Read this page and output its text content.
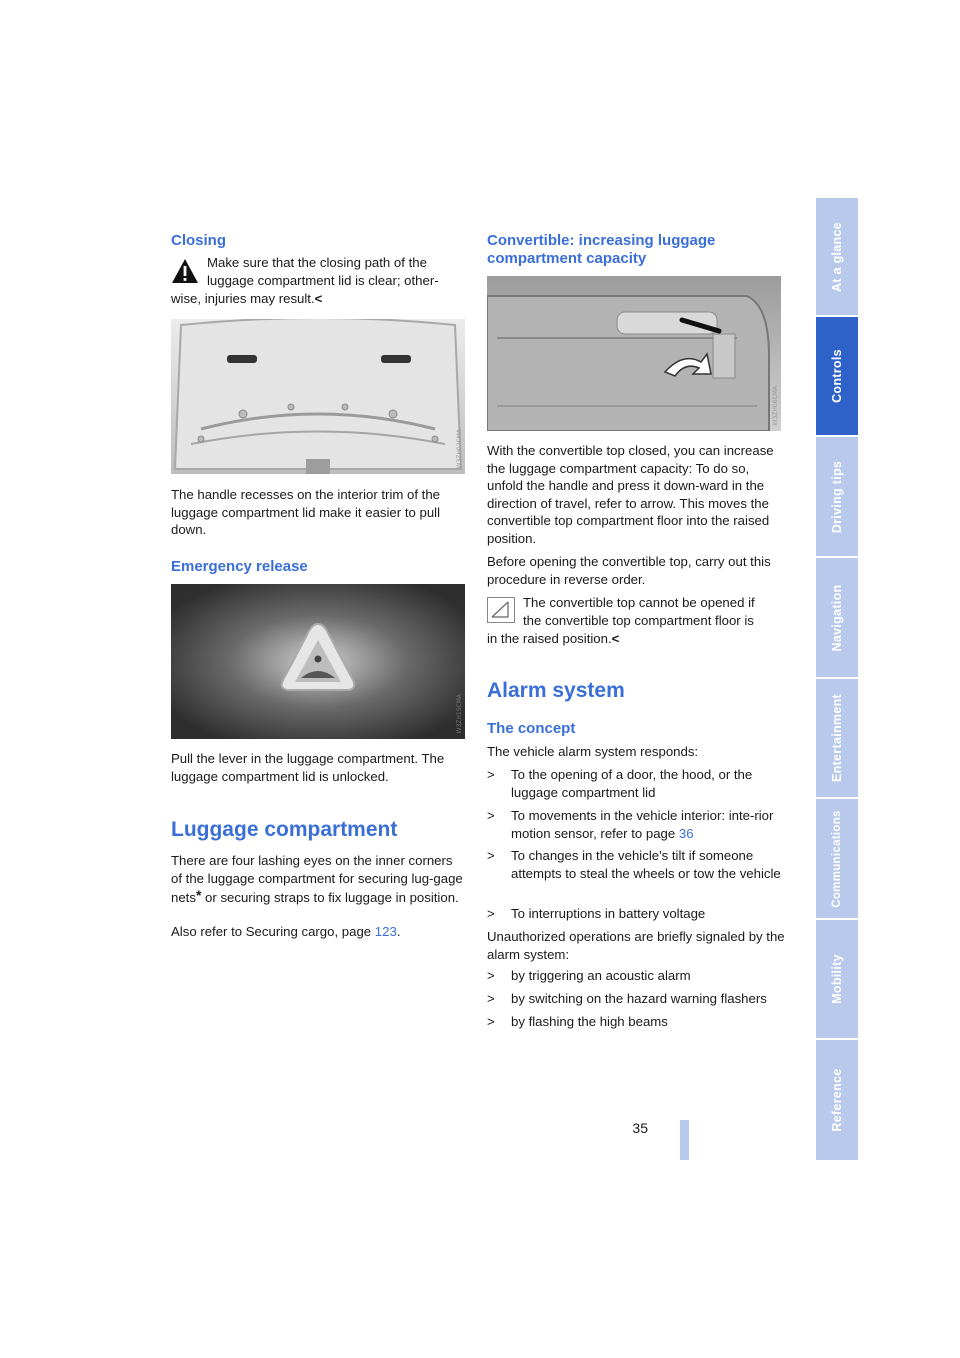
Closing
Make sure that the closing path of the
luggage compartment lid is clear; other-
wise, injuries may result.<
W3ZH02CMA
The handle recesses on the interior trim of the luggage compartment lid make it easier to pull down.
Emergency release
W3ZH1SCMA
Pull the lever in the luggage compartment. The luggage compartment lid is unlocked.
Luggage compartment
There are four lashing eyes on the inner corners of the luggage compartment for securing lug-gage nets* or securing straps to fix luggage in position.
Also refer to Securing cargo, page 123.
Convertible: increasing luggage compartment capacity
W3ZH06CMA
With the convertible top closed, you can increase the luggage compartment capacity: To do so, unfold the handle and press it down-ward in the direction of travel, refer to arrow. This moves the convertible top compartment floor into the raised position.
Before opening the convertible top, carry out this procedure in reverse order.
The convertible top cannot be opened if
the convertible top compartment floor is
in the raised position.<
Alarm system
The concept
The vehicle alarm system responds:
> To the opening of a door, the hood, or the luggage compartment lid
> To movements in the vehicle interior: inte-rior motion sensor, refer to page 36
> To changes in the vehicle's tilt if someone attempts to steal the wheels or tow the vehicle
> To interruptions in battery voltage
Unauthorized operations are briefly signaled by the alarm system:
> by triggering an acoustic alarm
> by switching on the hazard warning flashers
> by flashing the high beams
35
At a glance
Controls
Driving tips
Navigation
Entertainment
Communications
Mobility
Reference
